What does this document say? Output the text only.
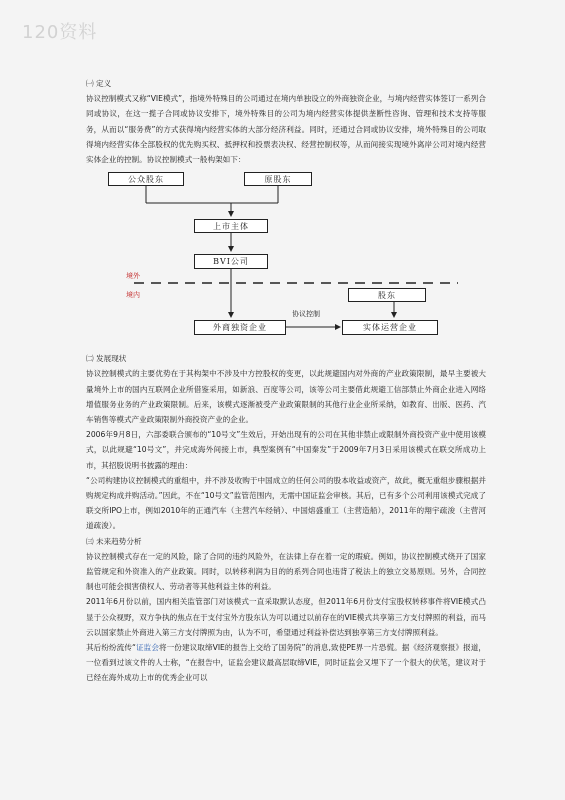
120资料

㈠ 定义

协议控制模式又称“VIE模式”，指境外特殊目的公司通过在境内单独设立的外商独资企业，与境内经营实体签订一系列合同或协议，在这一揽子合同或协议安排下，境外特殊目的公司为境内经营实体提供垄断性咨询、管理和技术支持等服务，从而以“服务费”的方式获得境内经营实体的大部分经济利益。同时，还通过合同或协议安排，境外特殊目的公司取得境内经营实体全部股权的优先购买权、抵押权和投票表决权、经营控制权等，从而间接实现境外离岸公司对境内经营实体企业的控制。协议控制模式一般构架如下：

公众股东	原股东
上市主体
BVI公司
境外
境内	股东
协议控制
外商独资企业	实体运营企业

㈡ 发展现状

协议控制模式的主要优势在于其构架中不涉及中方控股权的变更，以此规避国内对外商的产业政策限制，最早主要被大量境外上市的国内互联网企业所借鉴采用，如新浪、百度等公司，该等公司主要借此规避工信部禁止外商企业进入网络增值服务业务的产业政策限制。后来，该模式逐渐被受产业政策限制的其他行业企业所采纳，如教育、出版、医药、汽车销售等模式产业政策限制外商投资产业的企业。

2006年9月8日，六部委联合颁布的“10号文”生效后，开始出现有的公司在其他非禁止或限制外商投资产业中使用该模式，以此规避“10号文”，并完成海外间接上市，典型案例有“中国秦发”于2009年7月3日采用该模式在联交所成功上市，其招股说明书披露的理由：

“公司构建协议控制模式的重组中，并不涉及收购于中国成立的任何公司的股本收益或资产，故此，概无重组步骤根据并购规定构成并购活动。”因此，不在“10号文”监管范围内，无需中国证监会审核。其后，已有多个公司利用该模式完成了联交所IPO上市，例如2010年的正通汽车（主营汽车经销）、中国熔盛重工（主营造船），2011年的翔宇疏浚（主营河道疏浚）。

㈢ 未来趋势分析

协议控制模式存在一定的风险，除了合同的违约风险外，在法律上存在着一定的瑕疵。例如，协议控制模式绕开了国家监管规定和外资准入的产业政策。同时，以转移利润为目的的系列合同也违背了税法上的独立交易原则。另外，合同控制也可能会损害债权人、劳动者等其他利益主体的利益。

2011年6月份以前，国内相关监管部门对该模式一直采取默认态度，但2011年6月份支付宝股权转移事件将VIE模式凸显于公众视野，双方争执的焦点在于支付宝外方股东认为可以通过以前存在的VIE模式共享第三方支付牌照的利益，而马云以国家禁止外商进入第三方支付牌照为由，认为不可，希望通过利益补偿达到独享第三方支付牌照利益。

其后纷纷流传“证监会将一份建议取缔VIE的报告上交给了国务院”的消息,致使PE界一片恐慌。据《经济观察报》报道，一位看到过该文件的人士称，“在报告中，证监会建议最高层取缔VIE，同时证监会又埋下了一个很大的伏笔，建议对于已经在海外成功上市的优秀企业可以
